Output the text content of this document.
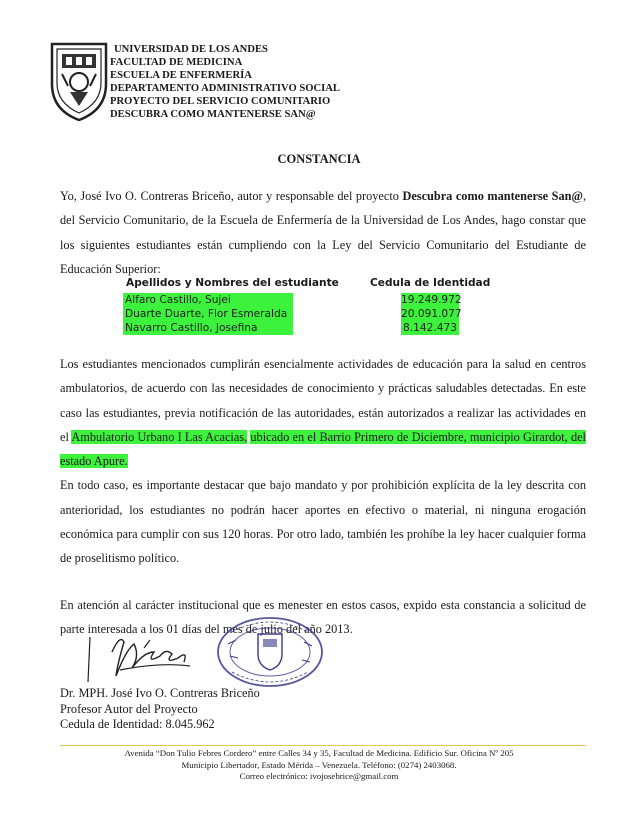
UNIVERSIDAD DE LOS ANDES
FACULTAD DE MEDICINA
ESCUELA DE ENFERMERÍA
DEPARTAMENTO ADMINISTRATIVO SOCIAL
PROYECTO DEL SERVICIO COMUNITARIO
DESCUBRA COMO MANTENERSE SAN@
CONSTANCIA
Yo, José Ivo O. Contreras Briceño, autor y responsable del proyecto Descubra como mantenerse San@, del Servicio Comunitario, de la Escuela de Enfermería de la Universidad de Los Andes, hago constar que los siguientes estudiantes están cumpliendo con la Ley del Servicio Comunitario del Estudiante de Educación Superior:
Apellidos y Nombres del estudiante	Cedula de Identidad
Alfaro Castillo, Sujei	19.249.972
Duarte Duarte, Flor Esmeralda	20.091.077
Navarro Castillo, Josefina	8.142.473
Los estudiantes mencionados cumplirán esencialmente actividades de educación para la salud en centros ambulatorios, de acuerdo con las necesidades de conocimiento y prácticas saludables detectadas. En este caso las estudiantes, previa notificación de las autoridades, están autorizados a realizar las actividades en el Ambulatorio Urbano I Las Acacias, ubicado en el Barrio Primero de Diciembre, municipio Girardot, del estado Apure.
En todo caso, es importante destacar que bajo mandato y por prohibición explícita de la ley descrita con anterioridad, los estudiantes no podrán hacer aportes en efectivo o material, ni ninguna erogación económica para cumplir con sus 120 horas. Por otro lado, también les prohíbe la ley hacer cualquier forma de proselitismo político.
En atención al carácter institucional que es menester en estos casos, expido esta constancia a solicitud de parte interesada a los 01 días del mes de julio del año 2013.
Dr. MPH. José Ivo O. Contreras Briceño
Profesor Autor del Proyecto
Cedula de Identidad: 8.045.962
Avenida “Don Tulio Febres Cordero” entre Calles 34 y 35, Facultad de Medicina. Edificio Sur. Oficina Nº 205
Municipio Libertador, Estado Mérida – Venezuela. Teléfono: (0274) 2403068.
Correo electrónico: ivojosebrice@gmail.com
